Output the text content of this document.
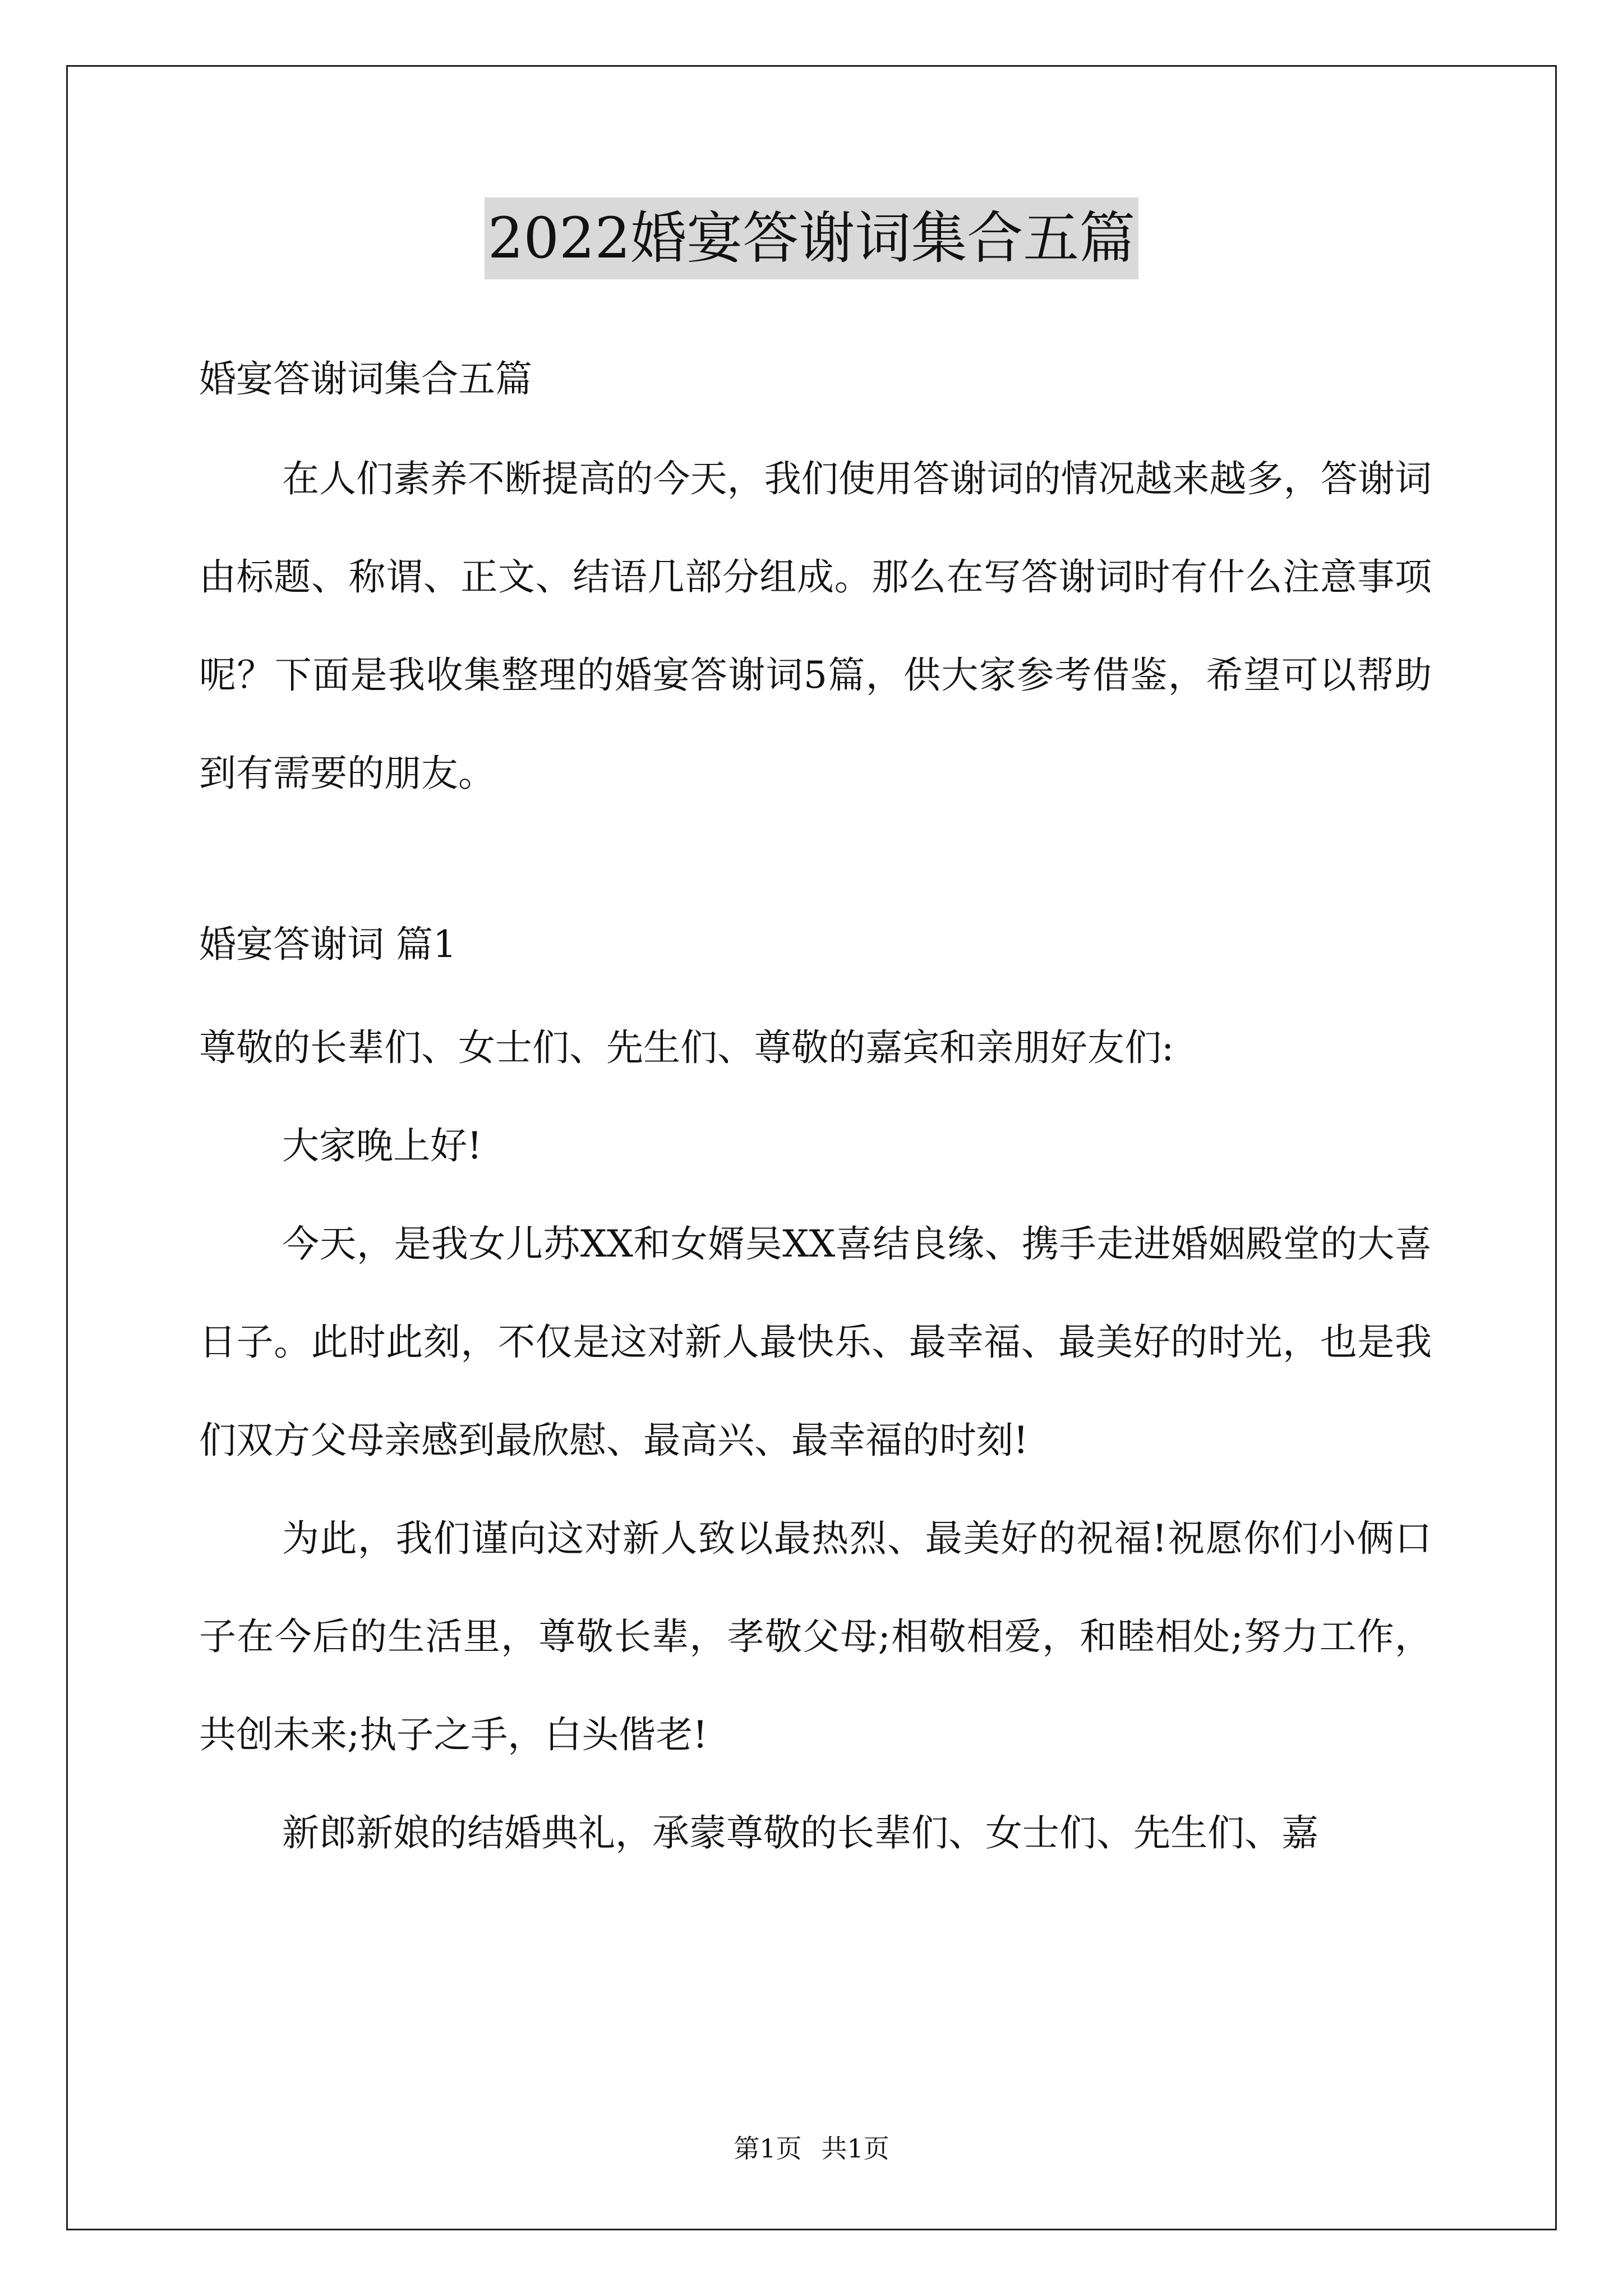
2022婚宴答谢词集合五篇

婚宴答谢词集合五篇

在人们素养不断提高的今天，我们使用答谢词的情况越来越多，答谢词由标题、称谓、正文、结语几部分组成。那么在写答谢词时有什么注意事项呢？下面是我收集整理的婚宴答谢词5篇，供大家参考借鉴，希望可以帮助到有需要的朋友。

婚宴答谢词 篇1

尊敬的长辈们、女士们、先生们、尊敬的嘉宾和亲朋好友们:

大家晚上好!

今天，是我女儿苏XX和女婿吴XX喜结良缘、携手走进婚姻殿堂的大喜日子。此时此刻，不仅是这对新人最快乐、最幸福、最美好的时光，也是我们双方父母亲感到最欣慰、最高兴、最幸福的时刻!

为此，我们谨向这对新人致以最热烈、最美好的祝福!祝愿你们小俩口子在今后的生活里，尊敬长辈，孝敬父母;相敬相爱，和睦相处;努力工作，共创未来;执子之手，白头偕老!

新郎新娘的结婚典礼，承蒙尊敬的长辈们、女士们、先生们、嘉

第1页 共1页
